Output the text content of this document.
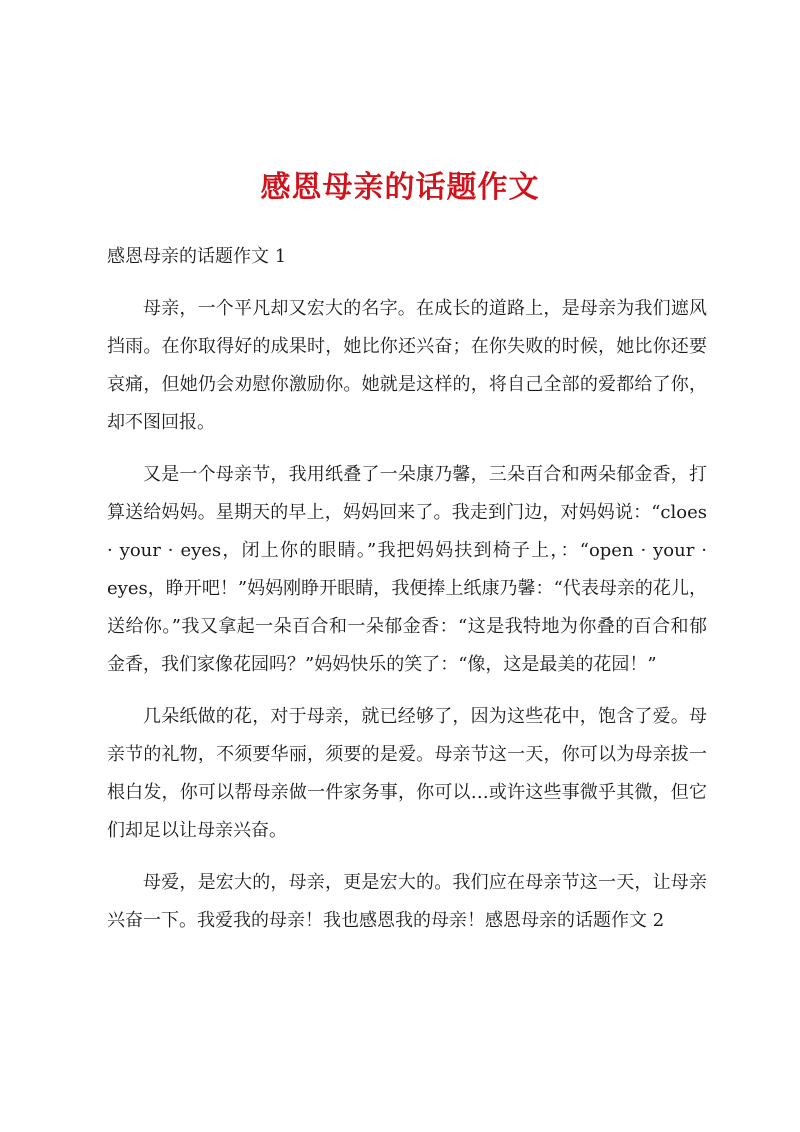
感恩母亲的话题作文

感恩母亲的话题作文 1

母亲，一个平凡却又宏大的名字。在成长的道路上，是母亲为我们遮风挡雨。在你取得好的成果时，她比你还兴奋；在你失败的时候，她比你还要哀痛，但她仍会劝慰你激励你。她就是这样的，将自己全部的爱都给了你，却不图回报。

又是一个母亲节，我用纸叠了一朵康乃馨，三朵百合和两朵郁金香，打算送给妈妈。星期天的早上，妈妈回来了。我走到门边，对妈妈说：“cloes · your · eyes，闭上你的眼睛。”我把妈妈扶到椅子上，：“open · your · eyes，睁开吧！”妈妈刚睁开眼睛，我便捧上纸康乃馨：“代表母亲的花儿，送给你。”我又拿起一朵百合和一朵郁金香：“这是我特地为你叠的百合和郁金香，我们家像花园吗？”妈妈快乐的笑了：“像，这是最美的花园！”

几朵纸做的花，对于母亲，就已经够了，因为这些花中，饱含了爱。母亲节的礼物，不须要华丽，须要的是爱。母亲节这一天，你可以为母亲拔一根白发，你可以帮母亲做一件家务事，你可以…或许这些事微乎其微，但它们却足以让母亲兴奋。

母爱，是宏大的，母亲，更是宏大的。我们应在母亲节这一天，让母亲兴奋一下。我爱我的母亲！我也感恩我的母亲！感恩母亲的话题作文 2
